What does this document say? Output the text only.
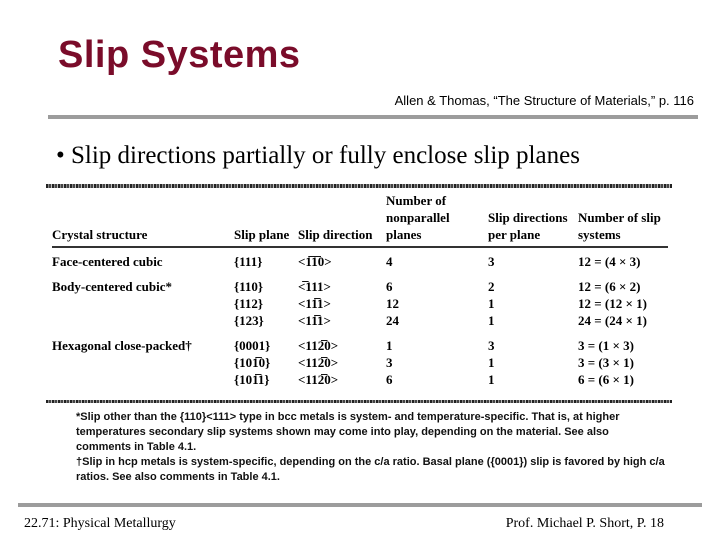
Slip Systems
Allen & Thomas, “The Structure of Materials,” p. 116
• Slip directions partially or fully enclose slip planes
Crystal structure	Slip plane	Slip direction	Number of nonparallel planes	Slip directions per plane	Number of slip systems
Face-centered cubic	{111}	<1̅1̅0>	4	3	12 = (4 × 3)
Body-centered cubic*	{110}	<̅111>	6	2	12 = (6 × 2)
	{112}	<11̅1>	12	1	12 = (12 × 1)
	{123}	<11̅1>	24	1	24 = (24 × 1)
Hexagonal close-packed†	{0001}	<112̅0>	1	3	3 = (1 × 3)
	{101̅0}	<112̅0>	3	1	3 = (3 × 1)
	{101̅1}	<112̅0>	6	1	6 = (6 × 1)

*Slip other than the {110}<111> type in bcc metals is system- and temperature-specific. That is, at higher temperatures secondary slip systems shown may come into play, depending on the material. See also comments in Table 4.1.

†Slip in hcp metals is system-specific, depending on the c/a ratio. Basal plane ({0001}) slip is favored by high c/a ratios. See also comments in Table 4.1.

22.71: Physical Metallurgy	Prof. Michael P. Short, P. 18
